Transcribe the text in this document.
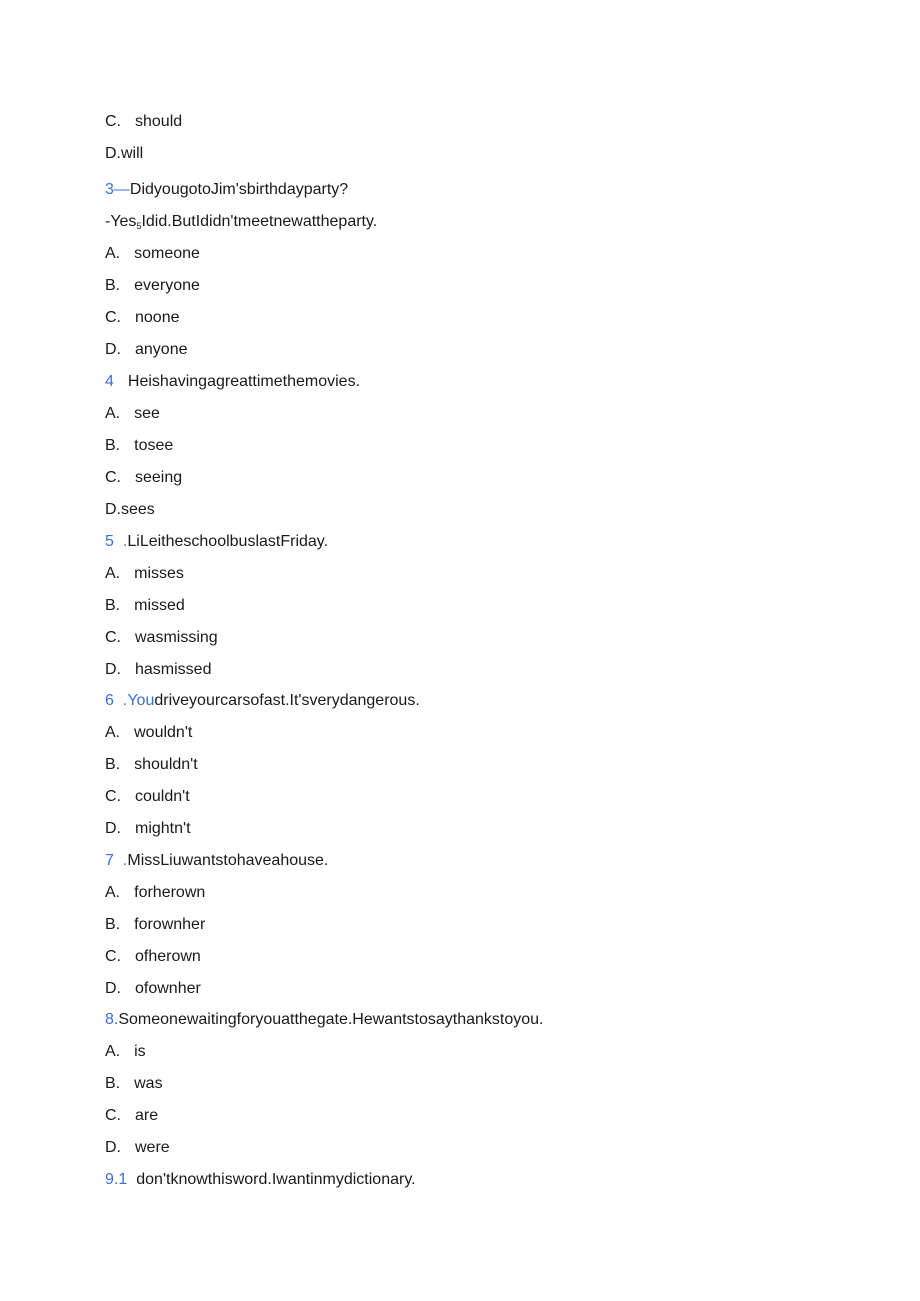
C. should
D.will
3—DidyougotoJim'sbirthdayparty?
-Yes$_5$Idid.ButIdidn'tmeetnewattheparty.
A. someone
B. everyone
C. noone
D. anyone
4 Heishavingagreattimethemovies.
A. see
B. tosee
C. seeing
D.sees
5 .LiLeitheschoolbuslastFriday.
A. misses
B. missed
C. wasmissing
D. hasmissed
6 .Youdriveyourcarsofast.It'sverydangerous.
A. wouldn't
B. shouldn't
C. couldn't
D. mightn't
7 .MissLiuwantstohaveahouse.
A. forherown
B. forownher
C. ofherown
D. ofownher
8.Someonewaitingforyouatthegate.Hewantstosaythankstoyou.
A. is
B. was
C. are
D. were
9.1 don'tknowthisword.Iwantinmydictionary.
